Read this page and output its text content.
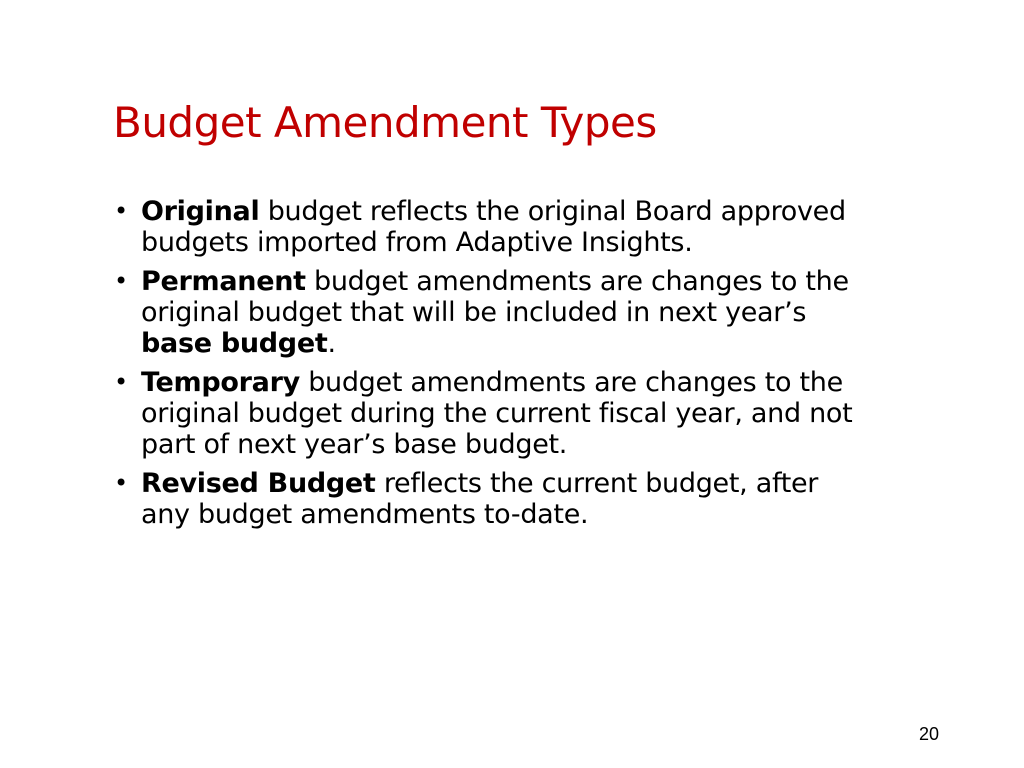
Budget Amendment Types
• Original budget reflects the original Board approved budgets imported from Adaptive Insights.
• Permanent budget amendments are changes to the original budget that will be included in next year’s base budget.
• Temporary budget amendments are changes to the original budget during the current fiscal year, and not part of next year’s base budget.
• Revised Budget reflects the current budget, after any budget amendments to-date.
20
